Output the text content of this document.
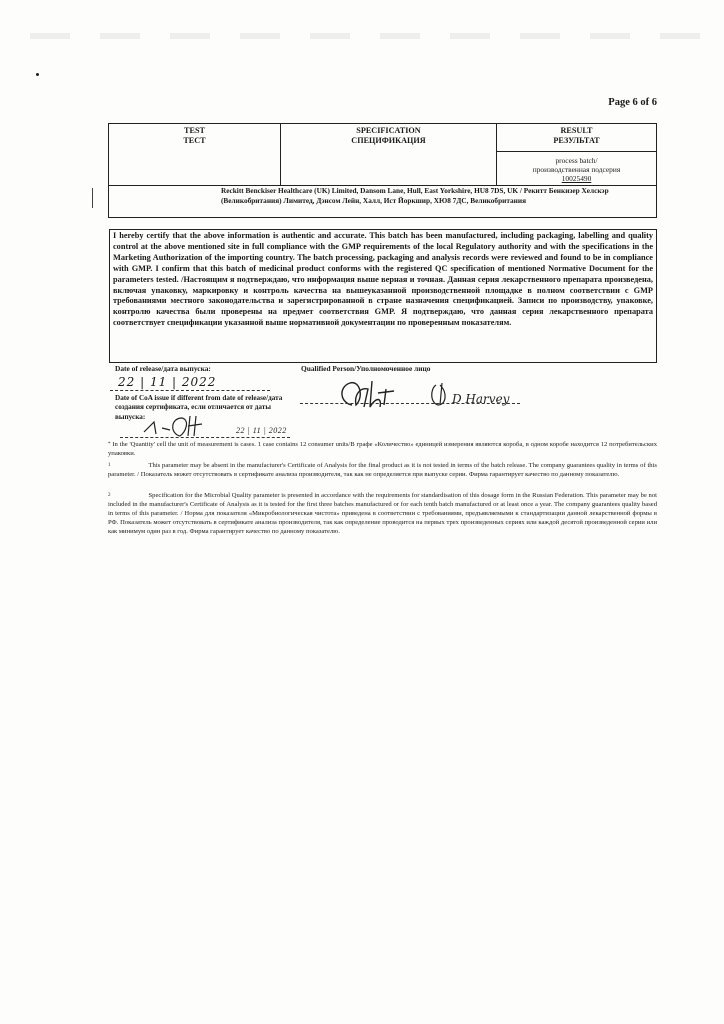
Page 6 of 6
TEST
ТЕСТ
SPECIFICATION
СПЕЦИФИКАЦИЯ
RESULT
РЕЗУЛЬТАТ
process batch/
производственная подсерия
10025490
Reckitt Benckiser Healthcare (UK) Limited, Dansom Lane, Hull, East Yorkshire, HU8 7DS, UK / Рекитт Бенкизер Хелскэр (Великобритания) Лимитед, Дэнсом Лейн, Халл, Ист Йоркшир, ХЮ8 7ДС, Великобритания
I hereby certify that the above information is authentic and accurate. This batch has been manufactured, including packaging, labelling and quality control at the above mentioned site in full compliance with the GMP requirements of the local Regulatory authority and with the specifications in the Marketing Authorization of the importing country. The batch processing, packaging and analysis records were reviewed and found to be in compliance with GMP. I confirm that this batch of medicinal product conforms with the registered QC specification of mentioned Normative Document for the parameters tested. /Настоящим я подтверждаю, что информация выше верная и точная. Данная серия лекарственного препарата произведена, включая упаковку, маркировку и контроль качества на вышеуказанной производственной площадке в полном соответствии с GMP требованиями местного законодательства и зарегистрированной в стране назначения спецификацией. Записи по производству, упаковке, контролю качества были проверены на предмет соответствия GMP. Я подтверждаю, что данная серия лекарственного препарата соответствует спецификации указанной выше нормативной документации по проверенным показателям.
Date of release/дата выпуска:
22 | 11 | 2022
Date of CoA issue if different from date of release/дата создания сертификата, если отличается от даты выпуска:
Qualified Person/Уполномоченное лицо
D Harvey
22 | 11 | 2022
* In the 'Quantity' cell the unit of measurement is cases. 1 case contains 12 consumer units/В графе «Количество» единицей измерения являются короба, в одном коробе находится 12 потребительских упаковки.
$^1$	This parameter may be absent in the manufacturer's Certificate of Analysis for the final product as it is not tested in terms of the batch release. The company guarantees quality in terms of this parameter. / Показатель может отсутствовать в сертификате анализа производителя, так как не определяется при выпуске серии. Фирма гарантирует качество по данному показателю.
$^2$	Specification for the Microbial Quality parameter is presented in accordance with the requirements for standardisation of this dosage form in the Russian Federation. This parameter may be not included in the manufacturer's Certificate of Analysis as it is tested for the first three batches manufactured or for each tenth batch manufactured or at least once a year. The company guarantees quality based in terms of this parameter. / Норма для показателя «Микробиологическая чистота» приведена в соответствии с требованиями, предъявляемыми к стандартизации данной лекарственной формы в РФ. Показатель может отсутствовать в сертификате анализа производителя, так как определение проводится на первых трех произведенных сериях или каждой десятой произведенной серии или как минимум один раз в год. Фирма гарантирует качество по данному показателю.
